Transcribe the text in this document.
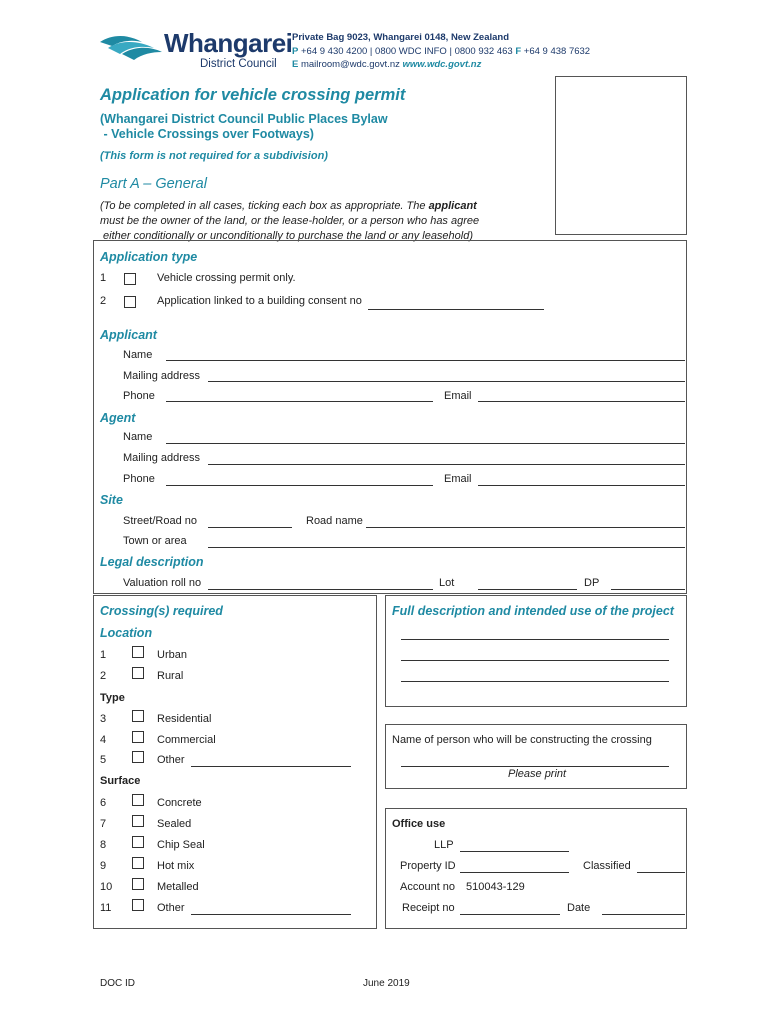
Whangarei
District Council
Private Bag 9023, Whangarei 0148, New Zealand
P +64 9 430 4200 | 0800 WDC INFO | 0800 932 463 F +64 9 438 7632
E mailroom@wdc.govt.nz www.wdc.govt.nz
Application for vehicle crossing permit
(Whangarei District Council Public Places Bylaw
- Vehicle Crossings over Footways)
(This form is not required for a subdivision)
Part A – General
(To be completed in all cases, ticking each box as appropriate. The applicant
must be the owner of the land, or the lease-holder, or a person who has agree
either conditionally or unconditionally to purchase the land or any leasehold)
Application type
1	Vehicle crossing permit only.
2	Application linked to a building consent no
Applicant
Name
Mailing address
Phone	Email
Agent
Name
Mailing address
Phone	Email
Site
Street/Road no	Road name
Town or area
Legal description
Valuation roll no	Lot	DP
Crossing(s) required
Location
1	Urban
2	Rural
Type
3	Residential
4	Commercial
5	Other
Surface
6	Concrete
7	Sealed
8	Chip Seal
9	Hot mix
10	Metalled
11	Other
Full description and intended use of the project
Name of person who will be constructing the crossing
Please print
Office use
LLP
Property ID	Classified
Account no 510043-129
Receipt no	Date
DOC ID	June 2019
